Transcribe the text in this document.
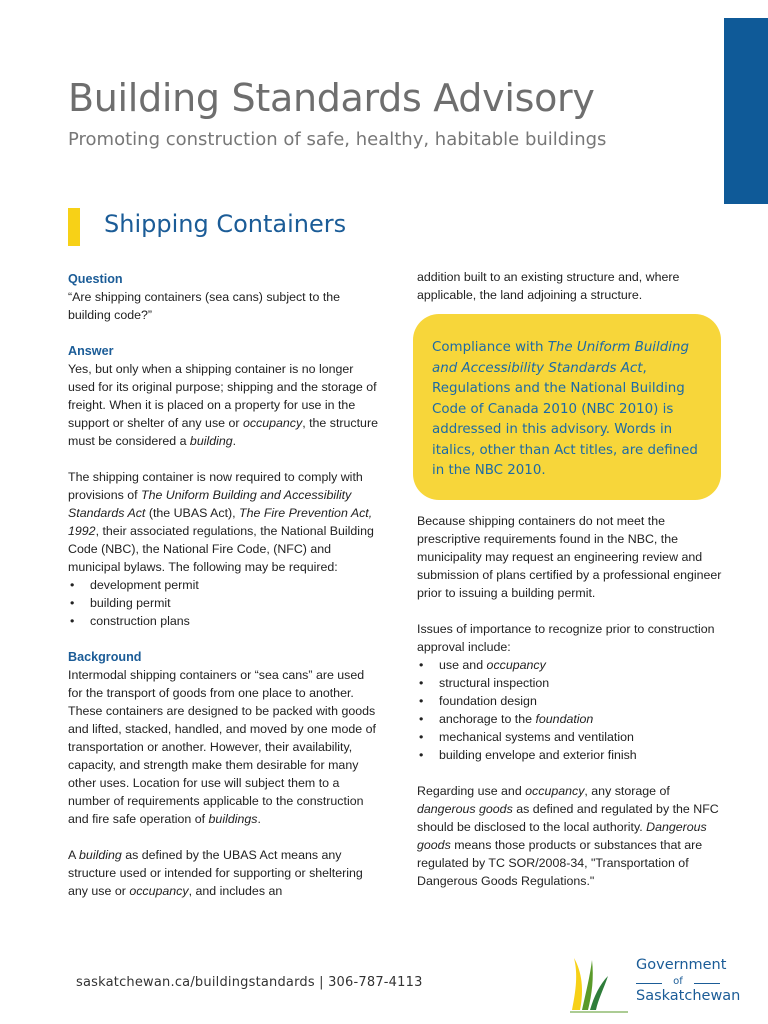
Building Standards Advisory
Promoting construction of safe, healthy, habitable buildings
Shipping Containers
Question

“Are shipping containers (sea cans) subject to the building code?”

Answer

Yes, but only when a shipping container is no longer used for its original purpose; shipping and the storage of freight. When it is placed on a property for use in the support or shelter of any use or occupancy, the structure must be considered a building.

The shipping container is now required to comply with provisions of The Uniform Building and Accessibility Standards Act (the UBAS Act), The Fire Prevention Act, 1992, their associated regulations, the National Building Code (NBC), the National Fire Code, (NFC) and municipal bylaws. The following may be required:

• development permit
• building permit
• construction plans
Background

Intermodal shipping containers or “sea cans” are used for the transport of goods from one place to another. These containers are designed to be packed with goods and lifted, stacked, handled, and moved by one mode of transportation or another. However, their availability, capacity, and strength make them desirable for many other uses. Location for use will subject them to a number of requirements applicable to the construction and fire safe operation of buildings.

A building as defined by the UBAS Act means any structure used or intended for supporting or sheltering any use or occupancy, and includes an

addition built to an existing structure and, where applicable, the land adjoining a structure.

Compliance with The Uniform Building and Accessibility Standards Act, Regulations and the National Building Code of Canada 2010 (NBC 2010) is addressed in this advisory. Words in italics, other than Act titles, are defined in the NBC 2010.

Because shipping containers do not meet the prescriptive requirements found in the NBC, the municipality may request an engineering review and submission of plans certified by a professional engineer prior to issuing a building permit.

Issues of importance to recognize prior to construction approval include:

• use and occupancy
• structural inspection
• foundation design
• anchorage to the foundation
• mechanical systems and ventilation
• building envelope and exterior finish

Regarding use and occupancy, any storage of dangerous goods as defined and regulated by the NFC should be disclosed to the local authority. Dangerous goods means those products or substances that are regulated by TC SOR/2008-34, "Transportation of Dangerous Goods Regulations."

saskatchewan.ca/buildingstandards | 306-787-4113
Government
of
Saskatchewan
